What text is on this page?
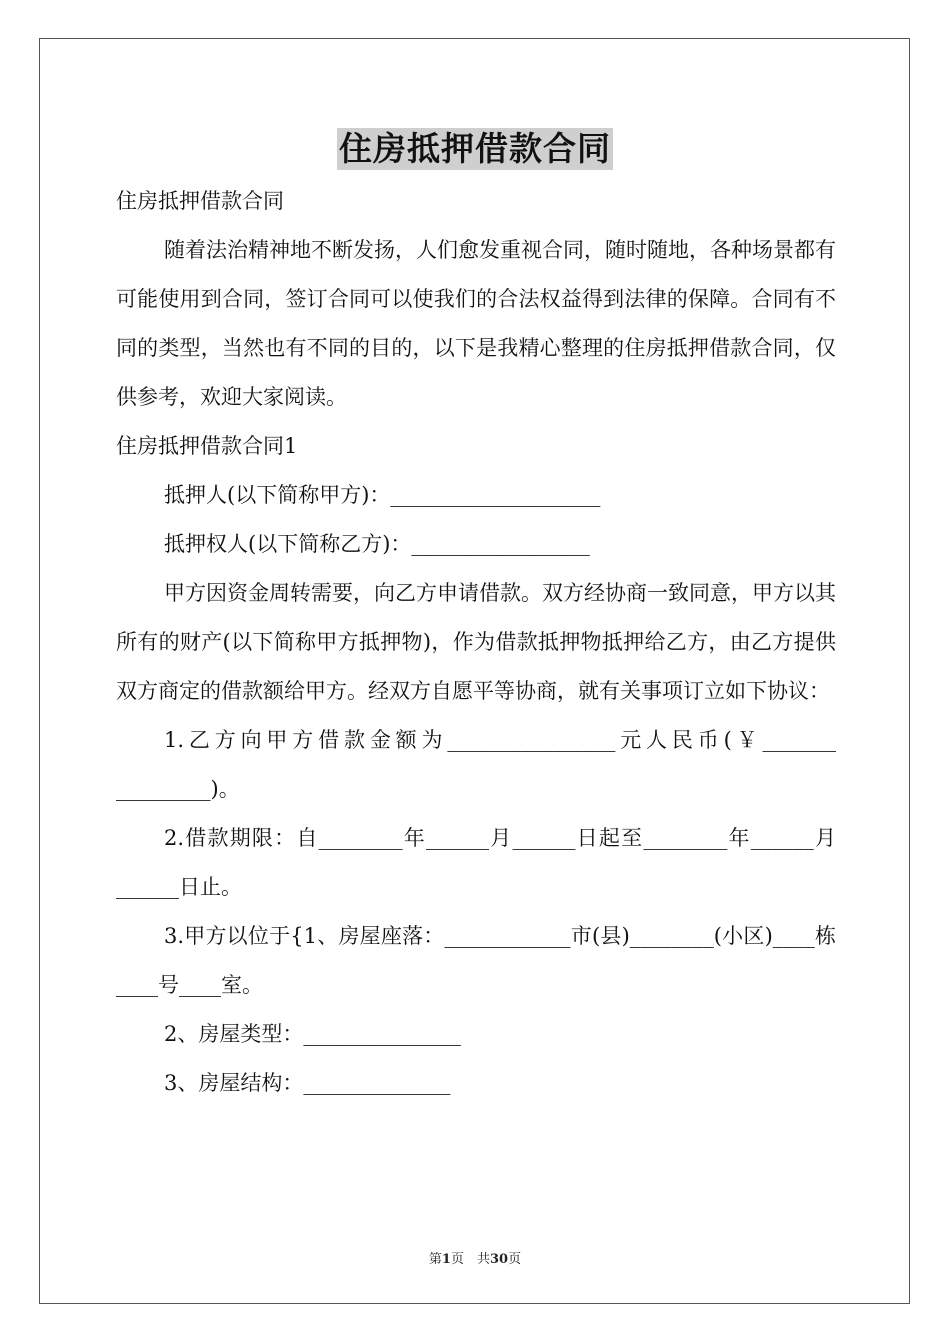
住房抵押借款合同

住房抵押借款合同

随着法治精神地不断发扬，人们愈发重视合同，随时随地，各种场景都有可能使用到合同，签订合同可以使我们的合法权益得到法律的保障。合同有不同的类型，当然也有不同的目的，以下是我精心整理的住房抵押借款合同，仅供参考，欢迎大家阅读。

住房抵押借款合同1

抵押人(以下简称甲方)：____________________

抵押权人(以下简称乙方)：_________________

甲方因资金周转需要，向乙方申请借款。双方经协商一致同意，甲方以其所有的财产(以下简称甲方抵押物)，作为借款抵押物抵押给乙方，由乙方提供双方商定的借款额给甲方。经双方自愿平等协商，就有关事项订立如下协议：

1.乙方向甲方借款金额为________________元人民币(￥_______ _________)。

2.借款期限：自________年______月______日起至________年______月______日止。

3.甲方以位于{1、房屋座落：____________市(县)________(小区)____栋____号____室。

2、房屋类型：_______________

3、房屋结构：______________

第1页　共30页
